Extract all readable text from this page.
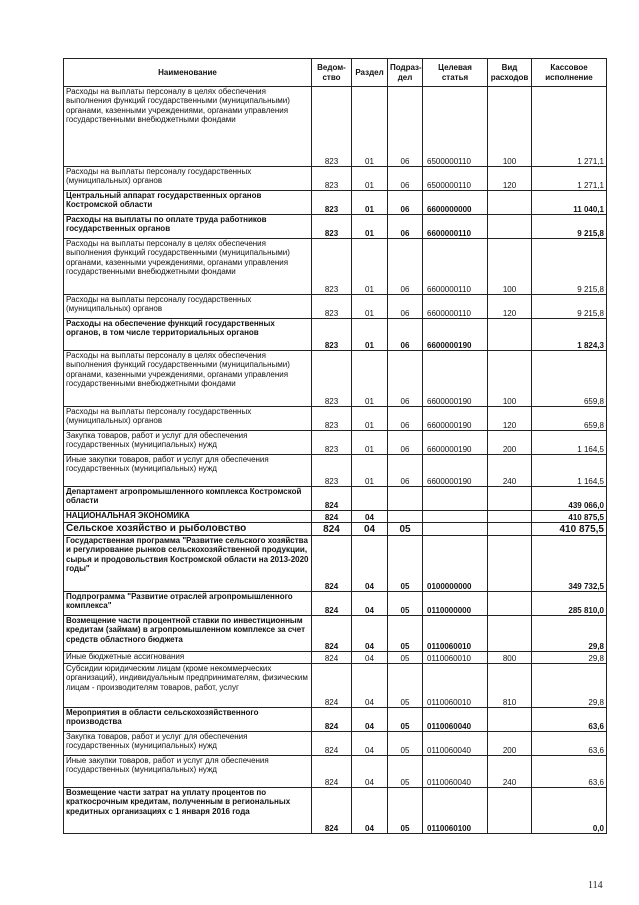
Наименование	Ведом-ство	Раздел	Подраз-дел	Целевая статья	Вид расходов	Кассовое исполнение
Расходы на выплаты персоналу в целях обеспечения выполнения функций государственными (муниципальными) органами, казенными учреждениями, органами управления государственными внебюджетными фондами	823	01	06	6500000110	100	1 271,1
Расходы на выплаты персоналу государственных (муниципальных) органов	823	01	06	6500000110	120	1 271,1
Центральный аппарат государственных органов Костромской области	823	01	06	6600000000		11 040,1
Расходы на выплаты по оплате труда работников государственных органов	823	01	06	6600000110		9 215,8
Расходы на выплаты персоналу в целях обеспечения выполнения функций государственными (муниципальными) органами, казенными учреждениями, органами управления государственными внебюджетными фондами	823	01	06	6600000110	100	9 215,8
Расходы на выплаты персоналу государственных (муниципальных) органов	823	01	06	6600000110	120	9 215,8
Расходы на обеспечение функций государственных органов, в том числе территориальных органов	823	01	06	6600000190		1 824,3
Расходы на выплаты персоналу в целях обеспечения выполнения функций государственными (муниципальными) органами, казенными учреждениями, органами управления государственными внебюджетными фондами	823	01	06	6600000190	100	659,8
Расходы на выплаты персоналу государственных (муниципальных) органов	823	01	06	6600000190	120	659,8
Закупка товаров, работ и услуг для обеспечения государственных (муниципальных) нужд	823	01	06	6600000190	200	1 164,5
Иные закупки товаров, работ и услуг для обеспечения государственных (муниципальных) нужд	823	01	06	6600000190	240	1 164,5
Департамент агропромышленного комплекса Костромской области	824					439 066,0
НАЦИОНАЛЬНАЯ ЭКОНОМИКА	824	04				410 875,5
Сельское хозяйство и рыболовство	824	04	05			410 875,5
Государственная программа "Развитие сельского хозяйства и регулирование рынков сельскохозяйственной продукции, сырья и продовольствия Костромской области на 2013-2020 годы"	824	04	05	0100000000		349 732,5
Подпрограмма "Развитие отраслей агропромышленного комплекса"	824	04	05	0110000000		285 810,0
Возмещение части процентной ставки по инвестиционным кредитам (займам) в агропромышленном комплексе за счет средств областного бюджета	824	04	05	0110060010		29,8
Иные бюджетные ассигнования	824	04	05	0110060010	800	29,8
Субсидии юридическим лицам (кроме некоммерческих организаций), индивидуальным предпринимателям, физическим лицам - производителям товаров, работ, услуг	824	04	05	0110060010	810	29,8
Мероприятия в области сельскохозяйственного производства	824	04	05	0110060040		63,6
Закупка товаров, работ и услуг для обеспечения государственных (муниципальных) нужд	824	04	05	0110060040	200	63,6
Иные закупки товаров, работ и услуг для обеспечения государственных (муниципальных) нужд	824	04	05	0110060040	240	63,6
Возмещение части затрат на уплату процентов по краткосрочным кредитам, полученным в региональных кредитных организациях с 1 января 2016 года	824	04	05	0110060100		0,0
114
